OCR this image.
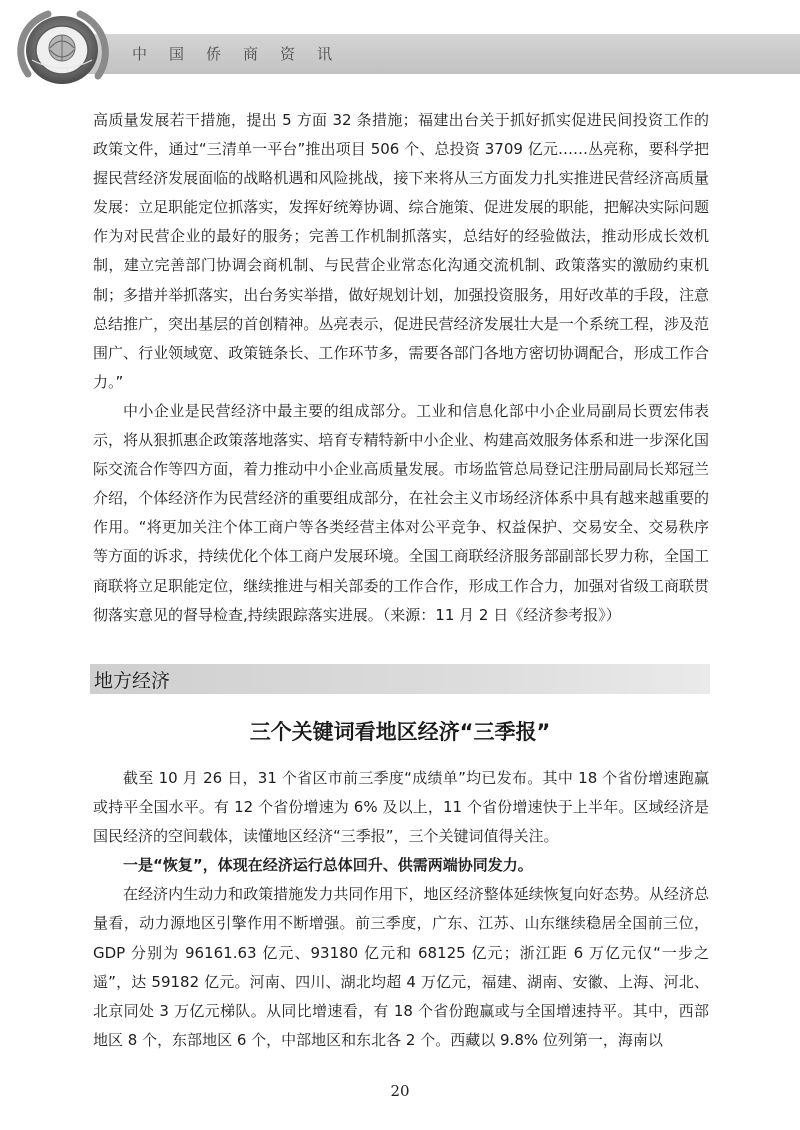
中国侨商资讯

高质量发展若干措施，提出 5 方面 32 条措施；福建出台关于抓好抓实促进民间投资工作的政策文件，通过“三清单一平台”推出项目 506 个、总投资 3709 亿元……丛亮称，要科学把握民营经济发展面临的战略机遇和风险挑战，接下来将从三方面发力扎实推进民营经济高质量发展：立足职能定位抓落实，发挥好统筹协调、综合施策、促进发展的职能，把解决实际问题作为对民营企业的最好的服务；完善工作机制抓落实，总结好的经验做法，推动形成长效机制，建立完善部门协调会商机制、与民营企业常态化沟通交流机制、政策落实的激励约束机制；多措并举抓落实，出台务实举措，做好规划计划，加强投资服务，用好改革的手段，注意总结推广，突出基层的首创精神。丛亮表示，促进民营经济发展壮大是一个系统工程，涉及范围广、行业领域宽、政策链条长、工作环节多，需要各部门各地方密切协调配合，形成工作合力。”

中小企业是民营经济中最主要的组成部分。工业和信息化部中小企业局副局长贾宏伟表示，将从狠抓惠企政策落地落实、培育专精特新中小企业、构建高效服务体系和进一步深化国际交流合作等四方面，着力推动中小企业高质量发展。市场监管总局登记注册局副局长郑冠兰介绍，个体经济作为民营经济的重要组成部分，在社会主义市场经济体系中具有越来越重要的作用。“将更加关注个体工商户等各类经营主体对公平竞争、权益保护、交易安全、交易秩序等方面的诉求，持续优化个体工商户发展环境。全国工商联经济服务部副部长罗力称，全国工商联将立足职能定位，继续推进与相关部委的工作合作，形成工作合力，加强对省级工商联贯彻落实意见的督导检查,持续跟踪落实进展。（来源：11 月 2 日《经济参考报》）

地方经济
三个关键词看地区经济“三季报”

截至 10 月 26 日，31 个省区市前三季度“成绩单”均已发布。其中 18 个省份增速跑赢或持平全国水平。有 12 个省份增速为 6% 及以上，11 个省份增速快于上半年。区域经济是国民经济的空间载体，读懂地区经济“三季报”，三个关键词值得关注。

一是“恢复”，体现在经济运行总体回升、供需两端协同发力。

在经济内生动力和政策措施发力共同作用下，地区经济整体延续恢复向好态势。从经济总量看，动力源地区引擎作用不断增强。前三季度，广东、江苏、山东继续稳居全国前三位，GDP 分别为 96161.63 亿元、93180 亿元和 68125 亿元；浙江距 6 万亿元仅“一步之遥”，达 59182 亿元。河南、四川、湖北均超 4 万亿元，福建、湖南、安徽、上海、河北、北京同处 3 万亿元梯队。从同比增速看，有 18 个省份跑赢或与全国增速持平。其中，西部地区 8 个，东部地区 6 个，中部地区和东北各 2 个。西藏以 9.8% 位列第一，海南以

20
